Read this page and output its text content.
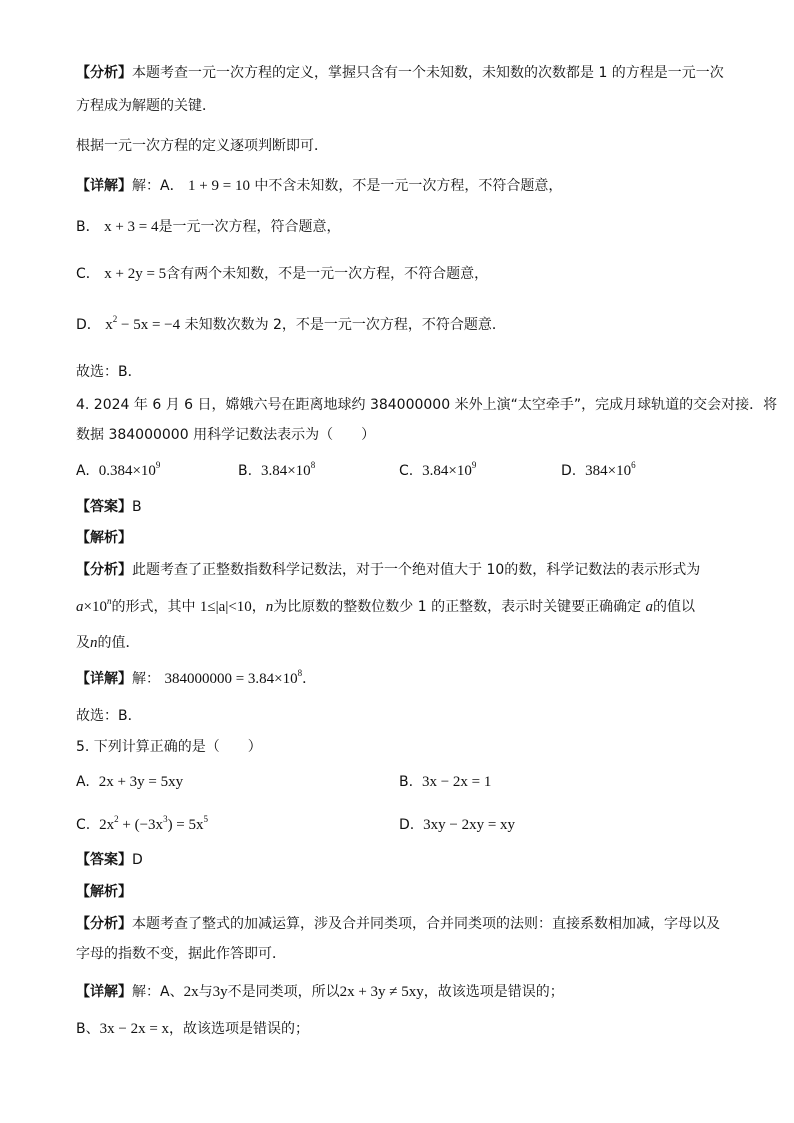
【分析】本题考查一元一次方程的定义，掌握只含有一个未知数，未知数的次数都是 1 的方程是一元一次
方程成为解题的关键．
根据一元一次方程的定义逐项判断即可．
【详解】解：A． 1 + 9 = 10 中不含未知数，不是一元一次方程，不符合题意，
B． x + 3 = 4是一元一次方程，符合题意，
C． x + 2y = 5含有两个未知数，不是一元一次方程，不符合题意，
D． $x^2 - 5x = -4$ 未知数次数为 2，不是一元一次方程，不符合题意．
故选：B．
4. 2024 年 6 月 6 日，嫦娥六号在距离地球约 384000000 米外上演“太空牵手”，完成月球轨道的交会对接．将
数据 384000000 用科学记数法表示为（　　）
A. $0.384\times 10^9$	B. $3.84\times 10^8$	C. $3.84\times 10^9$	D. $384\times 10^6$
【答案】B
【解析】
【分析】此题考查了正整数指数科学记数法，对于一个绝对值大于 10的数，科学记数法的表示形式为
$a\times 10^n$的形式，其中 1≤|a|<10，n为比原数的整数位数少 1 的正整数，表示时关键要正确确定 a的值以
及n的值．
【详解】解： $384000000 = 3.84\times 10^8$．
故选：B．
5. 下列计算正确的是（　　）
A. 2x + 3y = 5xy	B. 3x − 2x = 1
C. $2x^2 + (-3x^3) = 5x^5$	D. 3xy − 2xy = xy
【答案】D
【解析】
【分析】本题考查了整式的加减运算，涉及合并同类项，合并同类项的法则：直接系数相加减，字母以及
字母的指数不变，据此作答即可．
【详解】解：A、2x与3y不是同类项，所以2x + 3y ≠ 5xy，故该选项是错误的；
B、3x − 2x = x，故该选项是错误的；
